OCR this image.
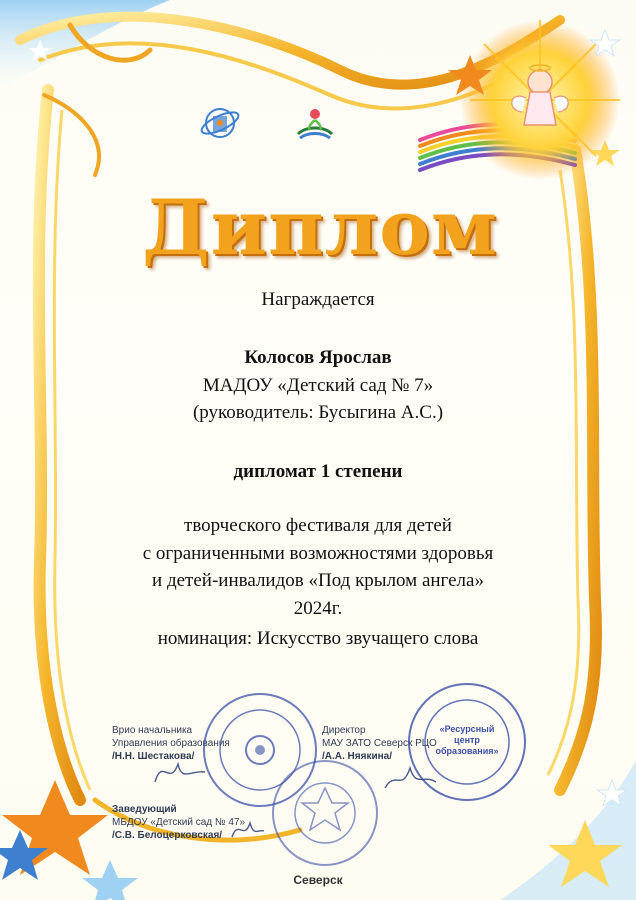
Диплом
Награждается
Колосов Ярослав
МАДОУ «Детский сад № 7»
(руководитель: Бусыгина А.С.)
дипломат 1 степени
творческого фестиваля для детей
с ограниченными возможностями здоровья
и детей-инвалидов «Под крылом ангела»
2024г.
номинация: Искусство звучащего слова
Врио начальника
Управления образования
/Н.Н. Шестакова/
Директор
МАУ ЗАТО Северск РЦО
/А.А. Няякина/
Заведующий
МБДОУ «Детский сад № 47»
/С.В. Белоцерковская/
«Ресурсный
центр
образования»
Северск
